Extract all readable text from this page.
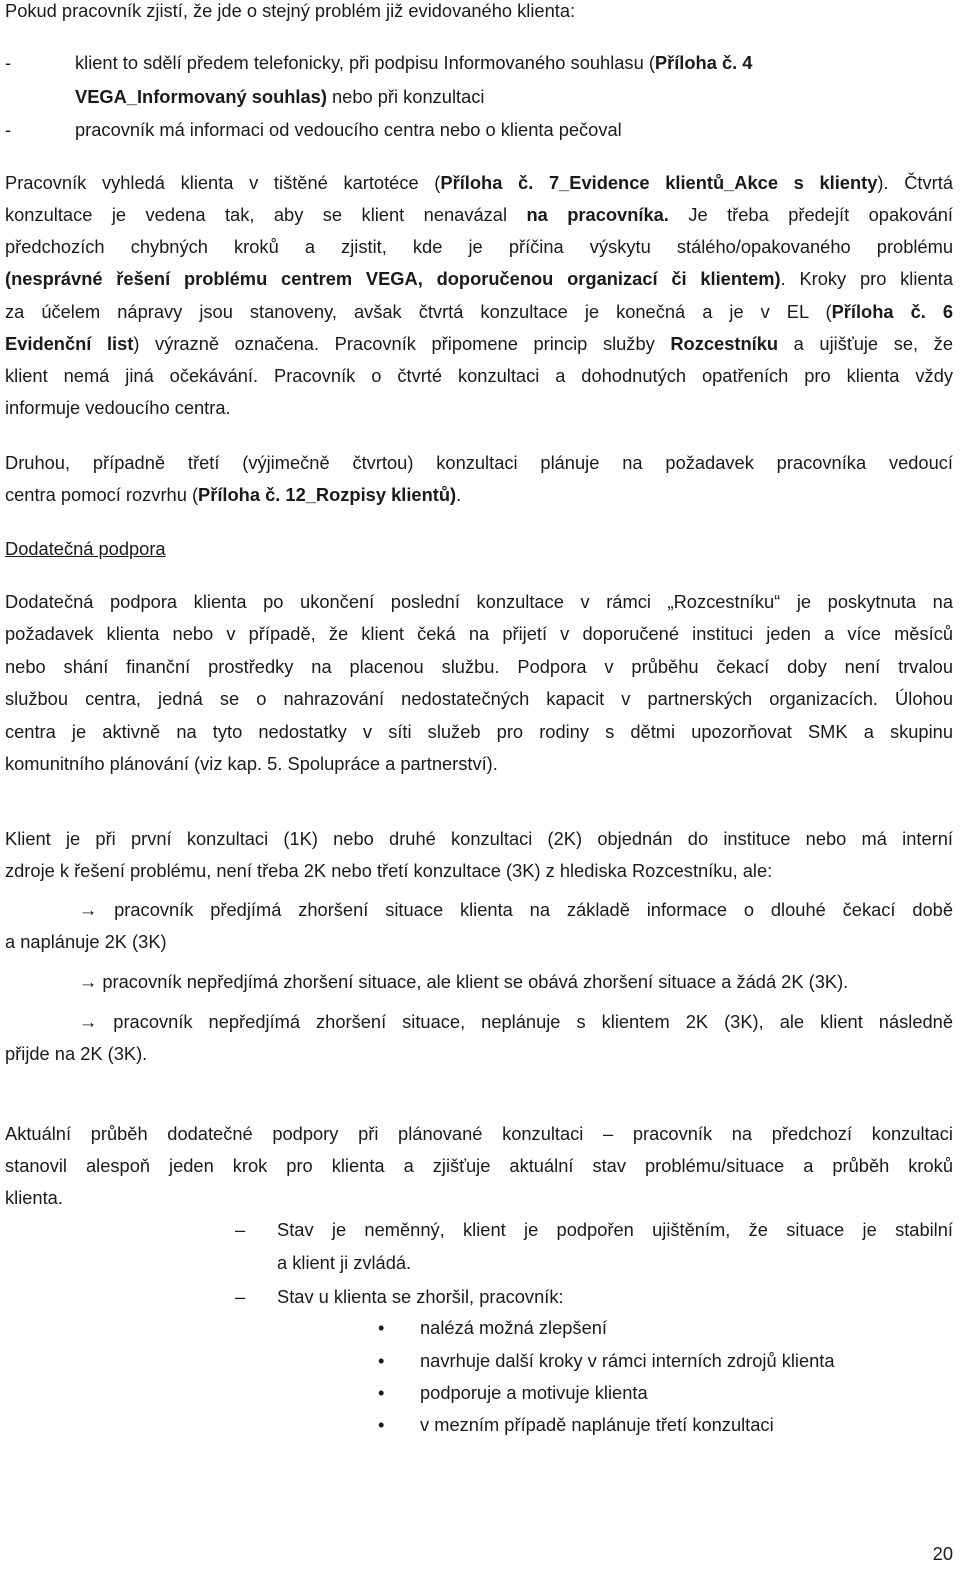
Pokud pracovník zjistí, že jde o stejný problém již evidovaného klienta:

-	klient to sdělí předem telefonicky, při podpisu Informovaného souhlasu (Příloha č. 4
VEGA_Informovaný souhlas) nebo při konzultaci
-	pracovník má informaci od vedoucího centra nebo o klienta pečoval

Pracovník vyhledá klienta v tištěné kartotéce (Příloha č. 7_Evidence klientů_Akce s klienty). Čtvrtá

konzultace je vedena tak, aby se klient nenavázal na pracovníka. Je třeba předejít opakování

předchozích chybných kroků a zjistit, kde je příčina výskytu stálého/opakovaného problému

(nesprávné řešení problému centrem VEGA, doporučenou organizací či klientem). Kroky pro klienta

za účelem nápravy jsou stanoveny, avšak čtvrtá konzultace je konečná a je v EL (Příloha č. 6

Evidenční list) výrazně označena. Pracovník připomene princip služby Rozcestníku a ujišťuje se, že

klient nemá jiná očekávání. Pracovník o čtvrté konzultaci a dohodnutých opatřeních pro klienta vždy

informuje vedoucího centra.

Druhou, případně třetí (výjimečně čtvrtou) konzultaci plánuje na požadavek pracovníka vedoucí

centra pomocí rozvrhu (Příloha č. 12_Rozpisy klientů).

Dodatečná podpora

Dodatečná podpora klienta po ukončení poslední konzultace v rámci „Rozcestníku“ je poskytnuta na

požadavek klienta nebo v případě, že klient čeká na přijetí v doporučené instituci jeden a více měsíců

nebo shání finanční prostředky na placenou službu. Podpora v průběhu čekací doby není trvalou

službou centra, jedná se o nahrazování nedostatečných kapacit v partnerských organizacích. Úlohou

centra je aktivně na tyto nedostatky v síti služeb pro rodiny s dětmi upozorňovat SMK a skupinu

komunitního plánování (viz kap. 5. Spolupráce a partnerství).

Klient je při první konzultaci (1K) nebo druhé konzultaci (2K) objednán do instituce nebo má interní

zdroje k řešení problému, není třeba 2K nebo třetí konzultace (3K) z hlediska Rozcestníku, ale:

→ pracovník předjímá zhoršení situace klienta na základě informace o dlouhé čekací době

a naplánuje 2K (3K)

→ pracovník nepředjímá zhoršení situace, ale klient se obává zhoršení situace a žádá 2K (3K).

→ pracovník nepředjímá zhoršení situace, neplánuje s klientem 2K (3K), ale klient následně

přijde na 2K (3K).

Aktuální průběh dodatečné podpory při plánované konzultaci – pracovník na předchozí konzultaci

stanovil alespoň jeden krok pro klienta a zjišťuje aktuální stav problému/situace a průběh kroků

klienta.

–	Stav je neměnný, klient je podpořen ujištěním, že situace je stabilní

a klient ji zvládá.

–	Stav u klienta se zhoršil, pracovník:

• nalézá možná zlepšení
• navrhuje další kroky v rámci interních zdrojů klienta
• podporuje a motivuje klienta
• v mezním případě naplánuje třetí konzultaci
20
